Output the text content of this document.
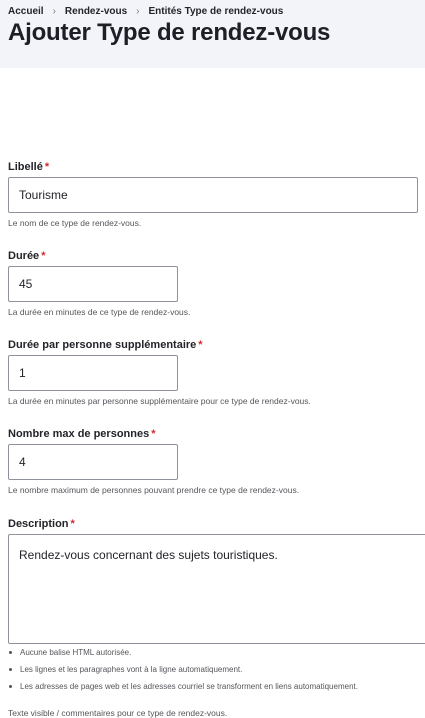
Accueil › Rendez-vous › Entités Type de rendez-vous
Ajouter Type de rendez-vous
Libellé *
Tourisme
Le nom de ce type de rendez-vous.
Durée *
45
La durée en minutes de ce type de rendez-vous.
Durée par personne supplémentaire *
1
La durée en minutes par personne supplémentaire pour ce type de rendez-vous.
Nombre max de personnes *
4
Le nombre maximum de personnes pouvant prendre ce type de rendez-vous.
Description *
Rendez-vous concernant des sujets touristiques.
Aucune balise HTML autorisée.
Les lignes et les paragraphes vont à la ligne automatiquement.
Les adresses de pages web et les adresses courriel se transforment en liens automatiquement.
Texte visible / commentaires pour ce type de rendez-vous.
